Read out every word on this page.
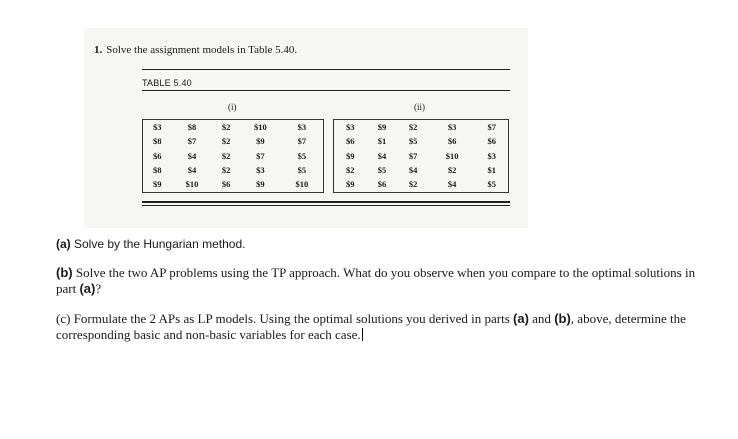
1. Solve the assignment models in Table 5.40.
TABLE 5.40
(i)	(ii)
$3	$8	$2	$10	$3
$8	$7	$2	$9	$7
$6	$4	$2	$7	$5
$8	$4	$2	$3	$5
$9	$10	$6	$9	$10
$3	$9	$2	$3	$7
$6	$1	$5	$6	$6
$9	$4	$7	$10	$3
$2	$5	$4	$2	$1
$9	$6	$2	$4	$5
(a) Solve by the Hungarian method.
(b) Solve the two AP problems using the TP approach. What do you observe when you compare to the optimal solutions in part (a)?
(c) Formulate the 2 APs as LP models. Using the optimal solutions you derived in parts (a) and (b), above, determine the corresponding basic and non-basic variables for each case.
